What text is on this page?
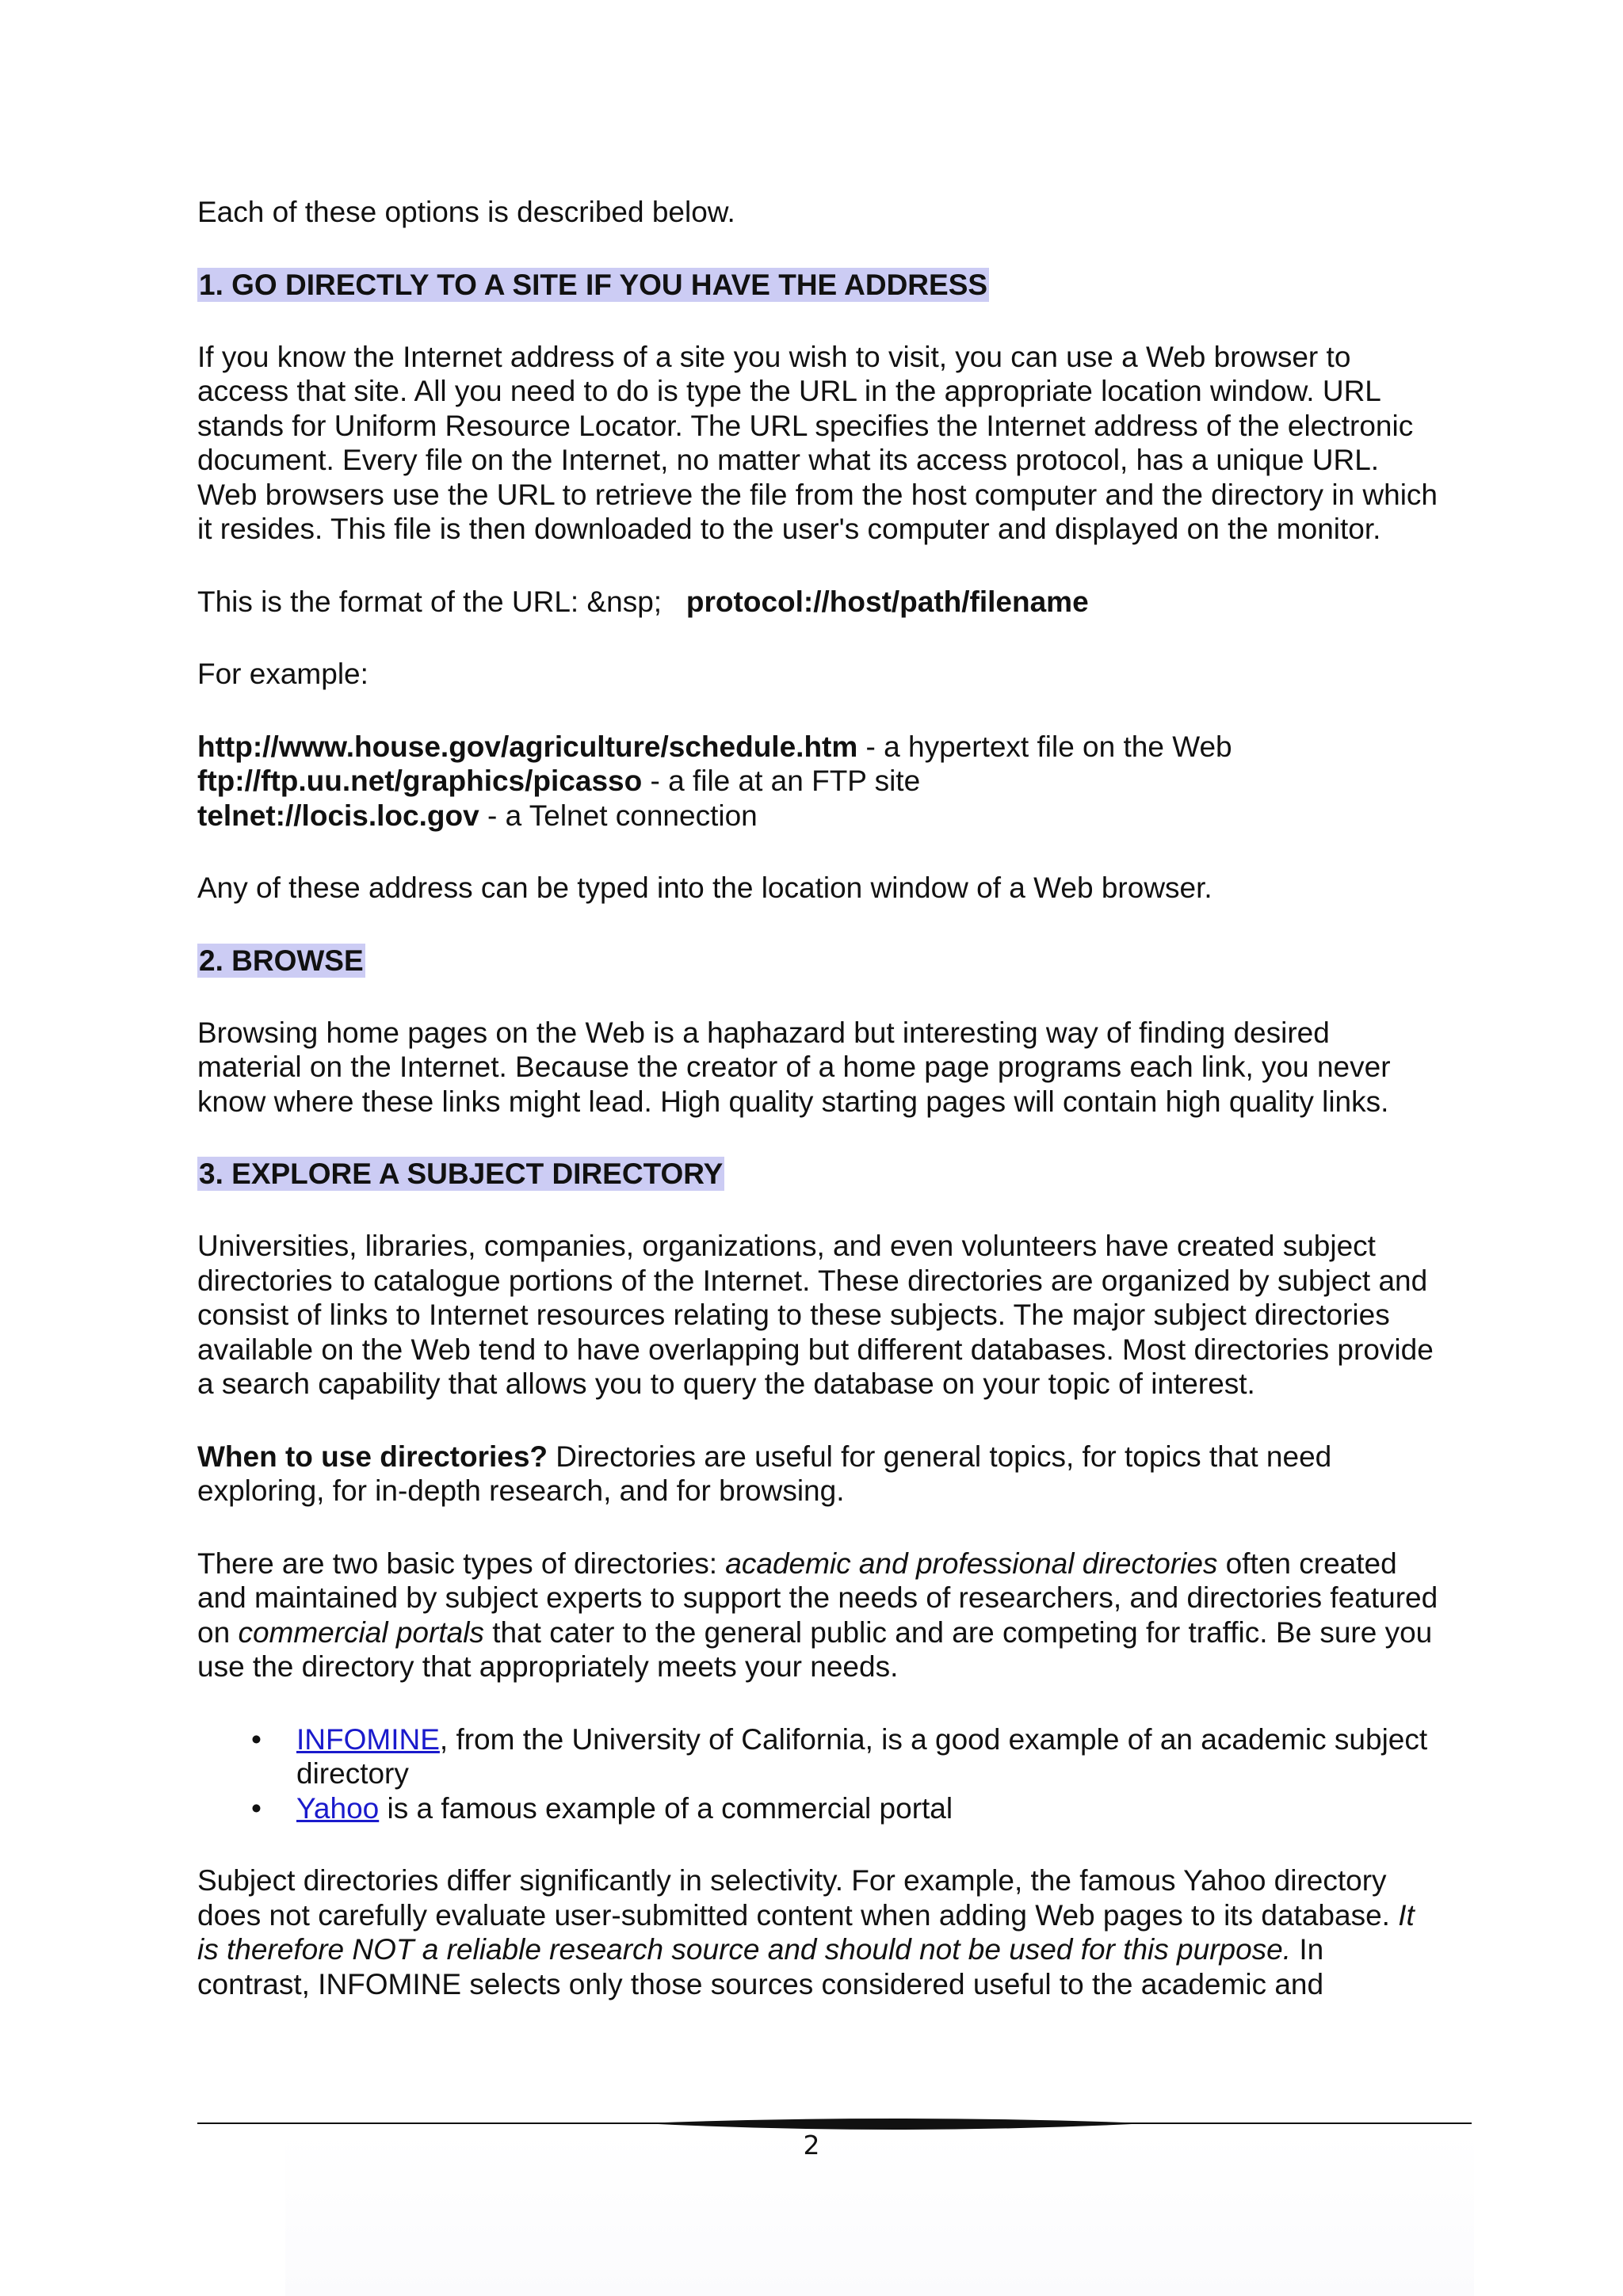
Each of these options is described below.

1. GO DIRECTLY TO A SITE IF YOU HAVE THE ADDRESS

If you know the Internet address of a site you wish to visit, you can use a Web browser to access that site. All you need to do is type the URL in the appropriate location window. URL stands for Uniform Resource Locator. The URL specifies the Internet address of the electronic document. Every file on the Internet, no matter what its access protocol, has a unique URL. Web browsers use the URL to retrieve the file from the host computer and the directory in which it resides. This file is then downloaded to the user's computer and displayed on the monitor.

This is the format of the URL: &nsp; protocol://host/path/filename

For example:

http://www.house.gov/agriculture/schedule.htm - a hypertext file on the Web
ftp://ftp.uu.net/graphics/picasso - a file at an FTP site
telnet://locis.loc.gov - a Telnet connection

Any of these address can be typed into the location window of a Web browser.

2. BROWSE

Browsing home pages on the Web is a haphazard but interesting way of finding desired material on the Internet. Because the creator of a home page programs each link, you never know where these links might lead. High quality starting pages will contain high quality links.

3. EXPLORE A SUBJECT DIRECTORY

Universities, libraries, companies, organizations, and even volunteers have created subject directories to catalogue portions of the Internet. These directories are organized by subject and consist of links to Internet resources relating to these subjects. The major subject directories available on the Web tend to have overlapping but different databases. Most directories provide a search capability that allows you to query the database on your topic of interest.

When to use directories? Directories are useful for general topics, for topics that need exploring, for in-depth research, and for browsing.

There are two basic types of directories: academic and professional directories often created and maintained by subject experts to support the needs of researchers, and directories featured on commercial portals that cater to the general public and are competing for traffic. Be sure you use the directory that appropriately meets your needs.

• INFOMINE, from the University of California, is a good example of an academic subject directory
• Yahoo is a famous example of a commercial portal

Subject directories differ significantly in selectivity. For example, the famous Yahoo directory does not carefully evaluate user-submitted content when adding Web pages to its database. It is therefore NOT a reliable research source and should not be used for this purpose. In contrast, INFOMINE selects only those sources considered useful to the academic and

2
